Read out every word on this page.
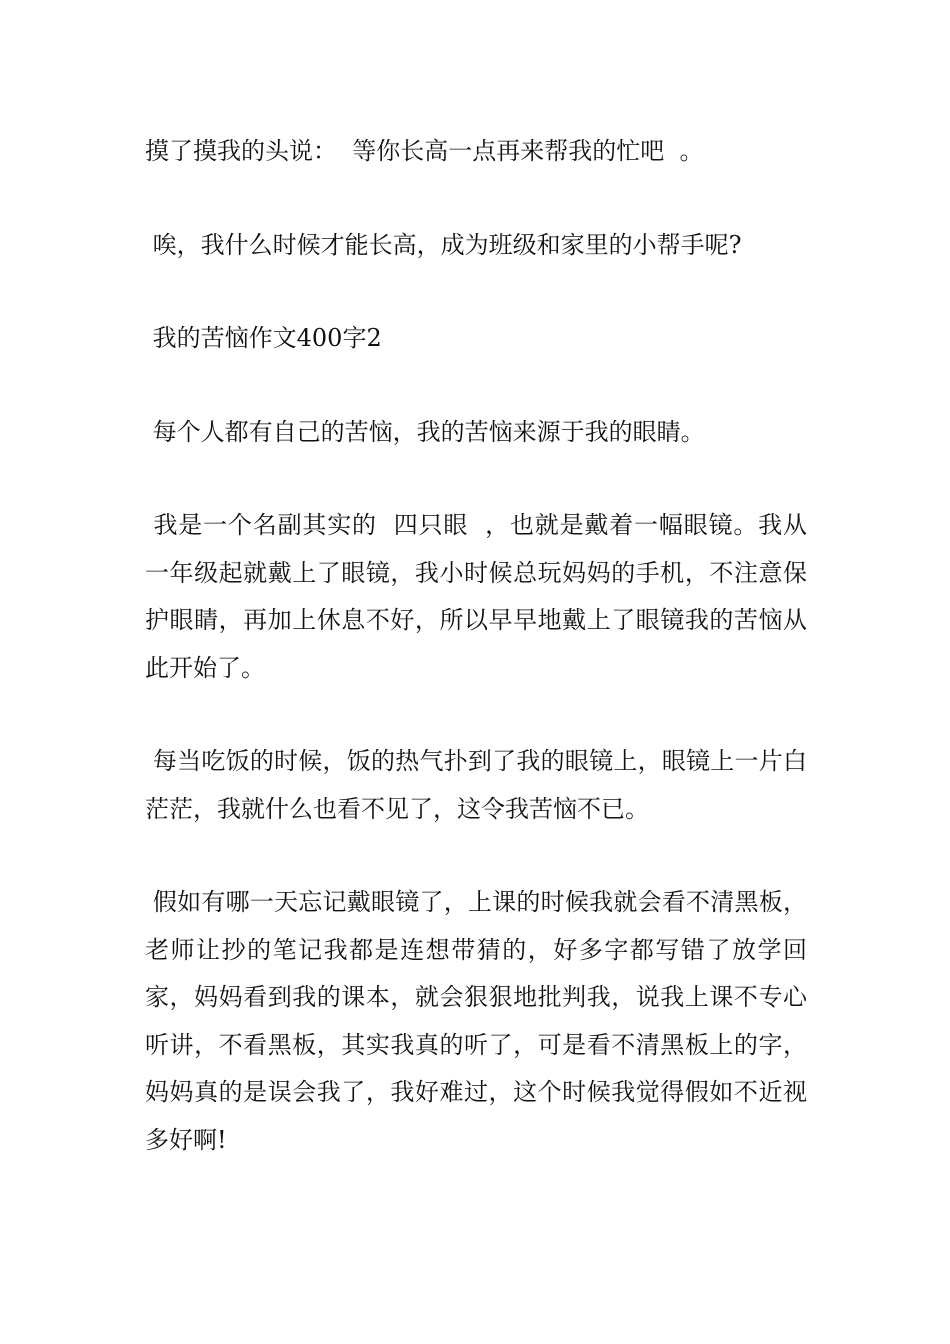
摸了摸我的头说：  等你长高一点再来帮我的忙吧  。

唉，我什么时候才能长高，成为班级和家里的小帮手呢?

我的苦恼作文400字2

每个人都有自己的苦恼，我的苦恼来源于我的眼睛。

我是一个名副其实的  四只眼  ，也就是戴着一幅眼镜。我从一年级起就戴上了眼镜，我小时候总玩妈妈的手机，不注意保护眼睛，再加上休息不好，所以早早地戴上了眼镜我的苦恼从此开始了。

每当吃饭的时候，饭的热气扑到了我的眼镜上，眼镜上一片白茫茫，我就什么也看不见了，这令我苦恼不已。

假如有哪一天忘记戴眼镜了，上课的时候我就会看不清黑板，老师让抄的笔记我都是连想带猜的，好多字都写错了放学回家，妈妈看到我的课本，就会狠狠地批判我，说我上课不专心听讲，不看黑板，其实我真的听了，可是看不清黑板上的字，妈妈真的是误会我了，我好难过，这个时候我觉得假如不近视多好啊!
